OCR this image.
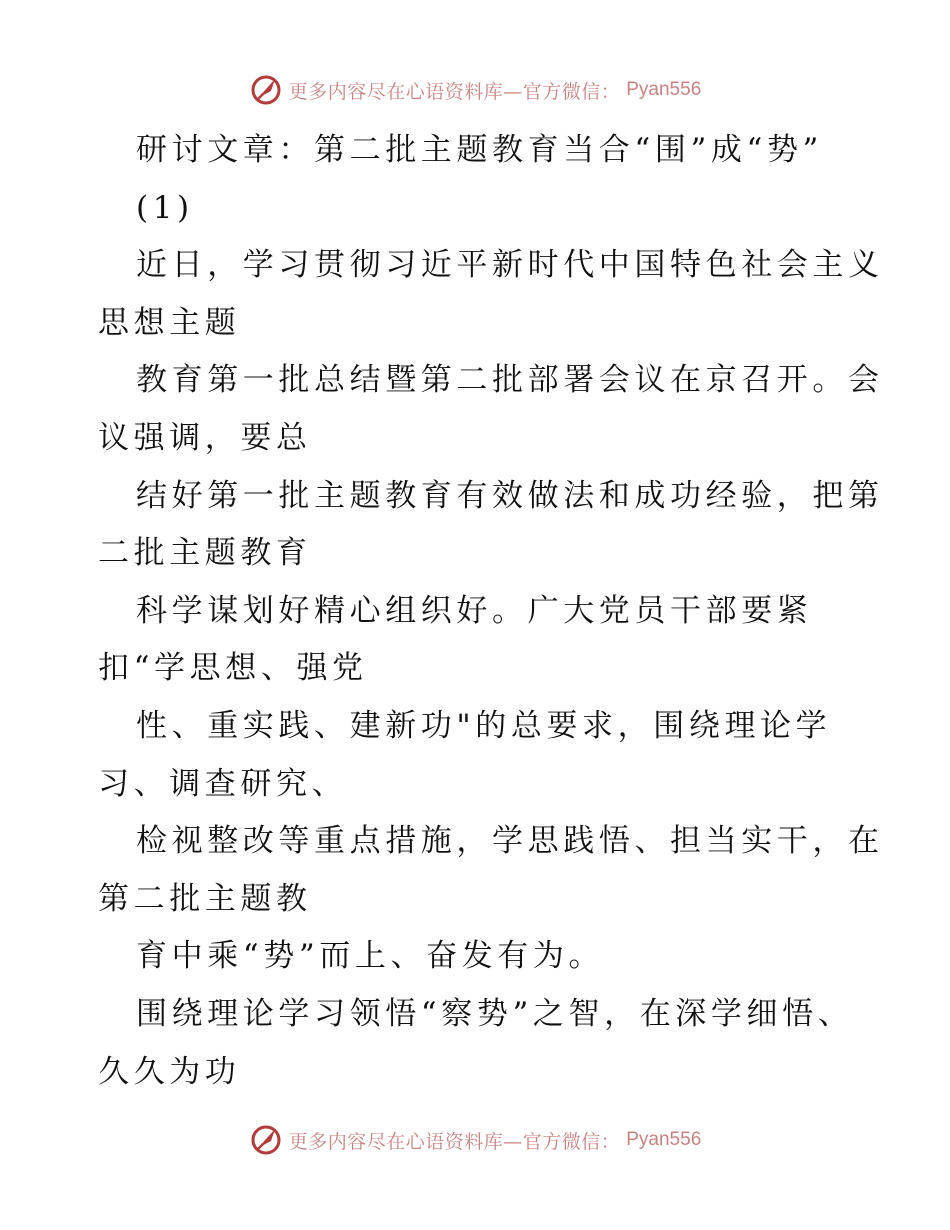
更多内容尽在心语资料库—官方微信： Pyan556
研讨文章：第二批主题教育当合“围”成“势”
(1)
近日，学习贯彻习近平新时代中国特色社会主义
思想主题
教育第一批总结暨第二批部署会议在京召开。会
议强调，要总
结好第一批主题教育有效做法和成功经验，把第
二批主题教育
科学谋划好精心组织好。广大党员干部要紧
扣“学思想、强党
性、重实践、建新功"的总要求，围绕理论学
习、调查研究、
检视整改等重点措施，学思践悟、担当实干，在
第二批主题教
育中乘“势”而上、奋发有为。
围绕理论学习领悟“察势”之智，在深学细悟、
久久为功
更多内容尽在心语资料库—官方微信： Pyan556
